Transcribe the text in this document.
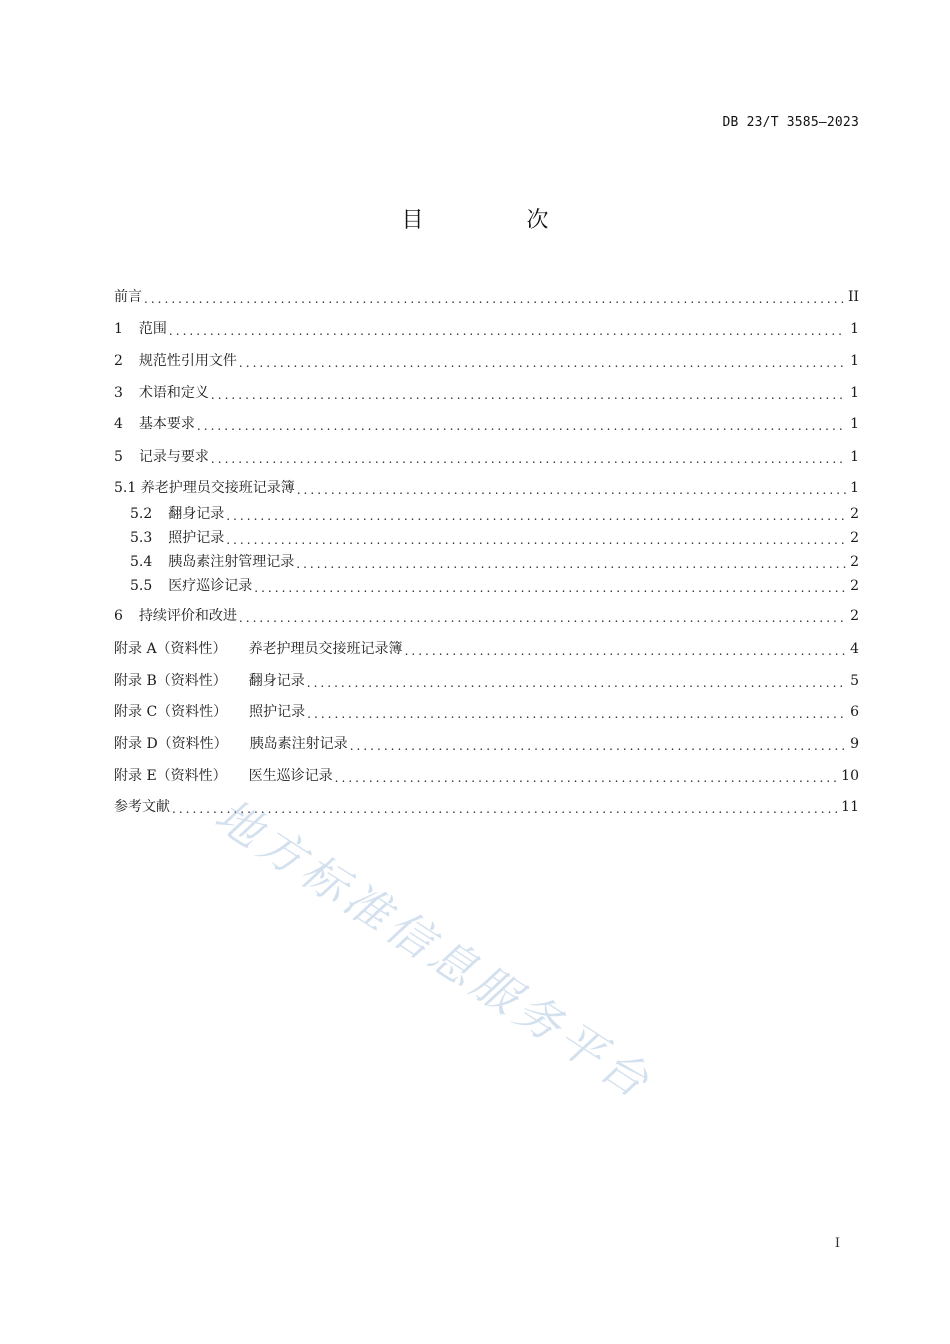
DB 23/T 3585—2023
目 次
前言 . . .	II
1 范围 . . .	1
2 规范性引用文件 . . .	1
3 术语和定义 . . .	1
4 基本要求 . . .	1
5 记录与要求 . . .	1
5.1 养老护理员交接班记录簿 . . .	1
5.2 翻身记录 . . .	2
5.3 照护记录 . . .	2
5.4 胰岛素注射管理记录 . . .	2
5.5 医疗巡诊记录 . . .	2
6 持续评价和改进 . . .	2
附录 A（资料性） 养老护理员交接班记录簿 . . .	4
附录 B（资料性） 翻身记录 . . .	5
附录 C（资料性） 照护记录 . . .	6
附录 D（资料性） 胰岛素注射记录 . . .	9
附录 E（资料性） 医生巡诊记录 . . .	10
参考文献 . . .	11
地方标准信息服务平台
I
